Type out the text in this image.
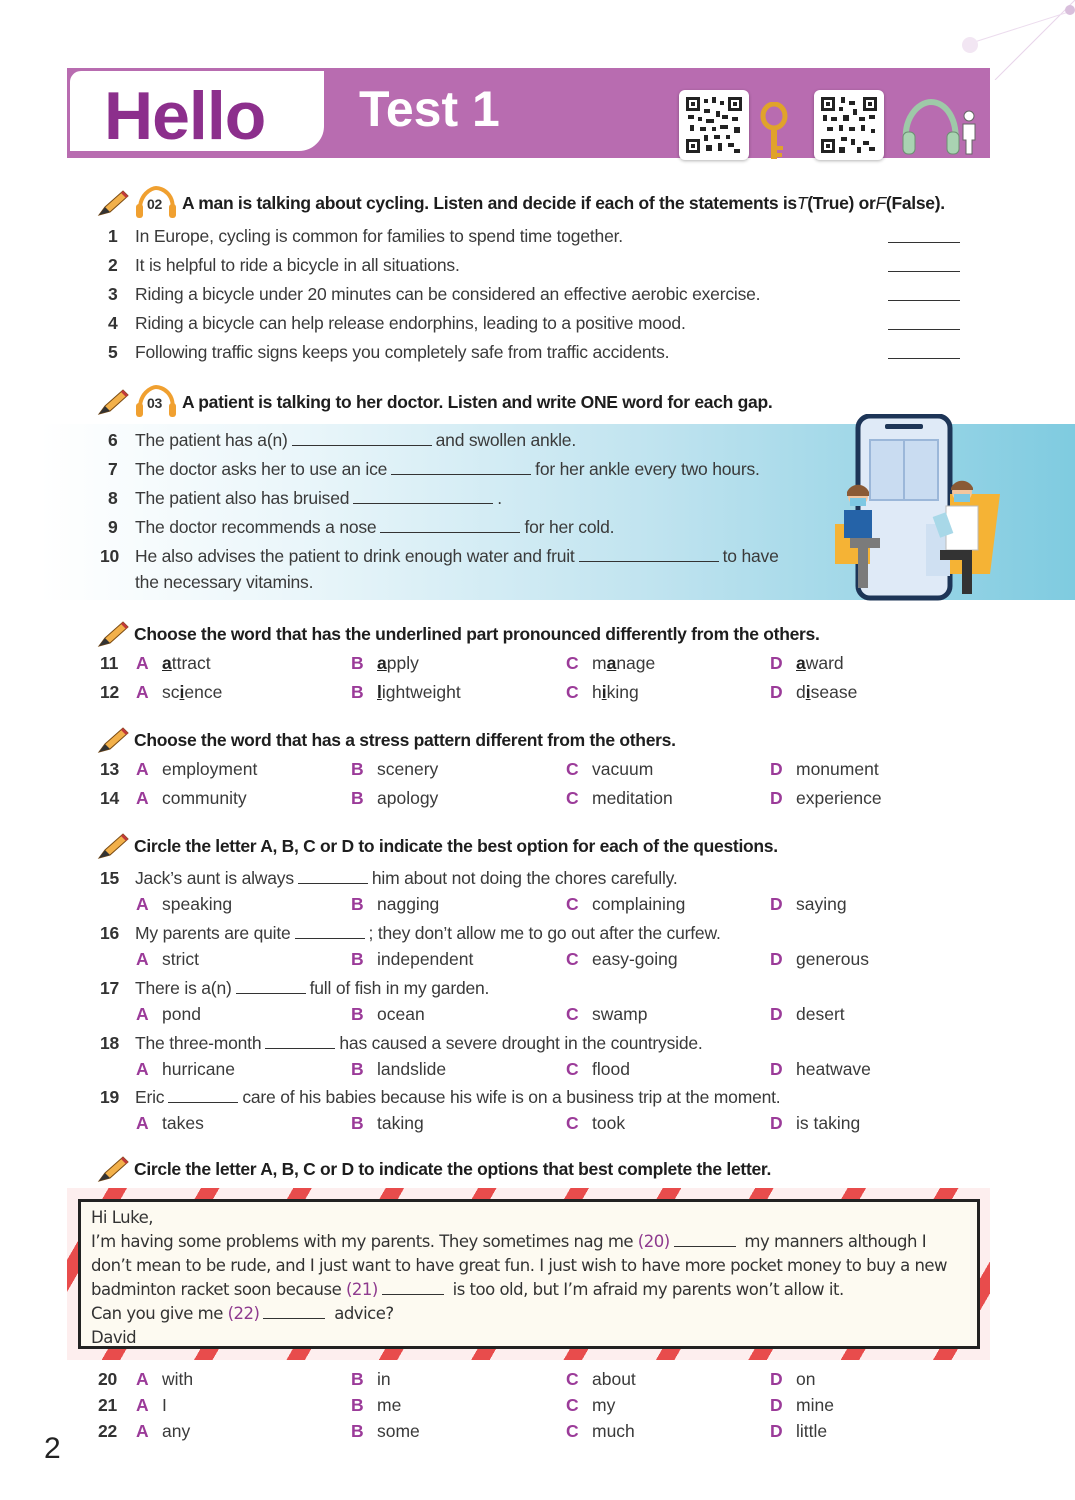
Hello Test 1
02 A man is talking about cycling. Listen and decide if each of the statements is T (True) or F (False).
03 A patient is talking to her doctor. Listen and write ONE word for each gap.
Choose the word that has the underlined part pronounced differently from the others.
Choose the word that has a stress pattern different from the others.
Circle the letter A, B, C or D to indicate the best option for each of the questions.
Circle the letter A, B, C or D to indicate the options that best complete the letter.
Hi Luke,
I’m having some problems with my parents. They sometimes nag me (20)	my manners although I
don’t mean to be rude, and I just want to have great fun. I just wish to have more pocket money to buy a new
badminton racket soon because (21)	is too old, but I’m afraid my parents won’t allow it.
Can you give me (22)	advice?
David
2
1 In Europe, cycling is common for families to spend time together.
2 It is helpful to ride a bicycle in all situations.
3 Riding a bicycle under 20 minutes can be considered an effective aerobic exercise.
4 Riding a bicycle can help release endorphins, leading to a positive mood.
5 Following traffic signs keeps you completely safe from traffic accidents.
6 The patient has a(n)	and swollen ankle.
7 The doctor asks her to use an ice	for her ankle every two hours.
8 The patient also has bruised	.
9 The doctor recommends a nose	for her cold.
10 He also advises the patient to drink enough water and fruit	to have
the necessary vitamins.
11 A attract	B apply	C manage	D award
12 A science	B lightweight	C hiking	D disease
13 A employment	B scenery	C vacuum	D monument
14 A community	B apology	C meditation	D experience
15 Jack’s aunt is always	him about not doing the chores carefully.
A speaking	B nagging	C complaining	D saying
16 My parents are quite	; they don’t allow me to go out after the curfew.
A strict	B independent	C easy-going	D generous
17 There is a(n)	full of fish in my garden.
A pond	B ocean	C swamp	D desert
18 The three-month	has caused a severe drought in the countryside.
A hurricane	B landslide	C flood	D heatwave
19 Eric	care of his babies because his wife is on a business trip at the moment.
A takes	B taking	C took	D is taking
20 A with	B in	C about	D on
21 A I	B me	C my	D mine
22 A any	B some	C much	D little
